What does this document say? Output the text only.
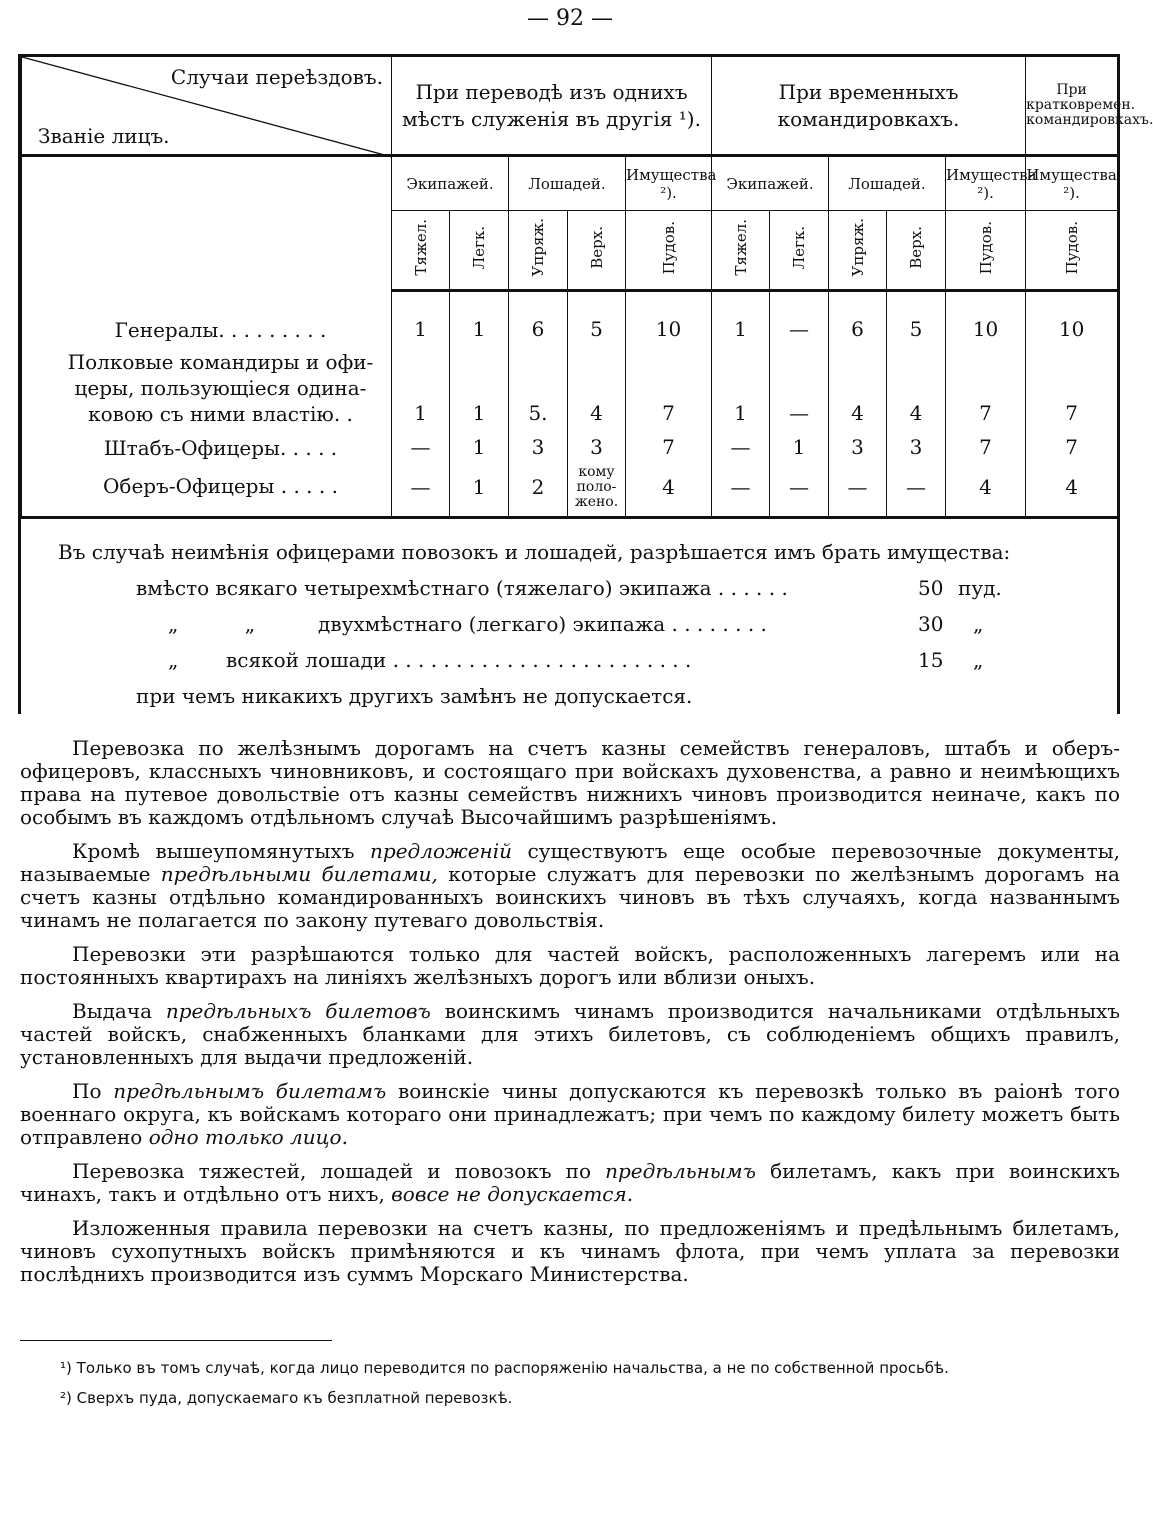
— 92 —
Случаи переѣздовъ.
Званіе лицъ.	При переводѣ изъ однихъ мѣстъ служенія въ другія ¹).					При временныхъ командировкахъ.					При кратковремен. командировкахъ.
	Экипажей.		Лошадей.		Имущества ²).	Экипажей.		Лошадей.		Имущества ²).	Имущества ²).
	Тяжел.	Легк.	Упряж.	Верх.	Пудов.	Тяжел.	Легк.	Упряж.	Верх.	Пудов.	Пудов.
Генералы. . . . . . . . .	1	1	6	5	10	1	—	6	5	10	10

Полковые командиры и офи-
церы, пользующіеся одина-
ковою съ ними властію. .	1	1	5.	4	7	1	—	4	4	7	7
Штабъ-Офицеры. . . . .	—	1	3	3	7	—	1	3	3	7	7
Оберъ-Офицеры . . . . .	—	1	2	кому
поло-
жено.	4	—	—	—	—	4	4
Въ случаѣ неимѣнія офицерами повозокъ и лошадей, разрѣшается имъ брать имущества:
вмѣсто всякаго четырехмѣстнаго (тяжелаго) экипажа . . . . . .	50 пуд.
„ „	двухмѣстнаго (легкаго) экипажа . . . . . . . .	30 „
„ всякой лошади . . . . . . . . . . . . . . . . . . . . . . . .	15 „
при чемъ никакихъ другихъ замѣнъ не допускается.

Перевозка по желѣзнымъ дорогамъ на счетъ казны семействъ генераловъ, штабъ и оберъ-офицеровъ, классныхъ чиновниковъ, и состоящаго при войскахъ духовенства, а равно и неимѣющихъ права на путевое довольствіе отъ казны семействъ нижнихъ чиновъ производится неиначе, какъ по особымъ въ каждомъ отдѣльномъ случаѣ Высочайшимъ разрѣшеніямъ.

Кромѣ вышеупомянутыхъ предложеній существуютъ еще особые перевозочные документы, называемые предѣльными билетами, которые служатъ для перевозки по желѣзнымъ дорогамъ на счетъ казны отдѣльно командированныхъ воинскихъ чиновъ въ тѣхъ случаяхъ, когда названнымъ чинамъ не полагается по закону путеваго довольствія.

Перевозки эти разрѣшаются только для частей войскъ, расположенныхъ лагеремъ или на постоянныхъ квартирахъ на линіяхъ желѣзныхъ дорогъ или вблизи оныхъ.

Выдача предѣльныхъ билетовъ воинскимъ чинамъ производится начальниками отдѣльныхъ частей войскъ, снабженныхъ бланками для этихъ билетовъ, съ соблюденіемъ общихъ правилъ, установленныхъ для выдачи предложеній.

По предѣльнымъ билетамъ воинскіе чины допускаются къ перевозкѣ только въ раіонѣ того военнаго округа, къ войскамъ котораго они принадлежатъ; при чемъ по каждому билету можетъ быть отправлено одно только лицо.

Перевозка тяжестей, лошадей и повозокъ по предѣльнымъ билетамъ, какъ при воинскихъ чинахъ, такъ и отдѣльно отъ нихъ, вовсе не допускается.

Изложенныя правила перевозки на счетъ казны, по предложеніямъ и предѣльнымъ билетамъ, чиновъ сухопутныхъ войскъ примѣняются и къ чинамъ флота, при чемъ уплата за перевозки послѣднихъ производится изъ суммъ Морскаго Министерства.

¹) Только въ томъ случаѣ, когда лицо переводится по распоряженію начальства, а не по собственной просьбѣ.
²) Сверхъ пуда, допускаемаго къ безплатной перевозкѣ.
